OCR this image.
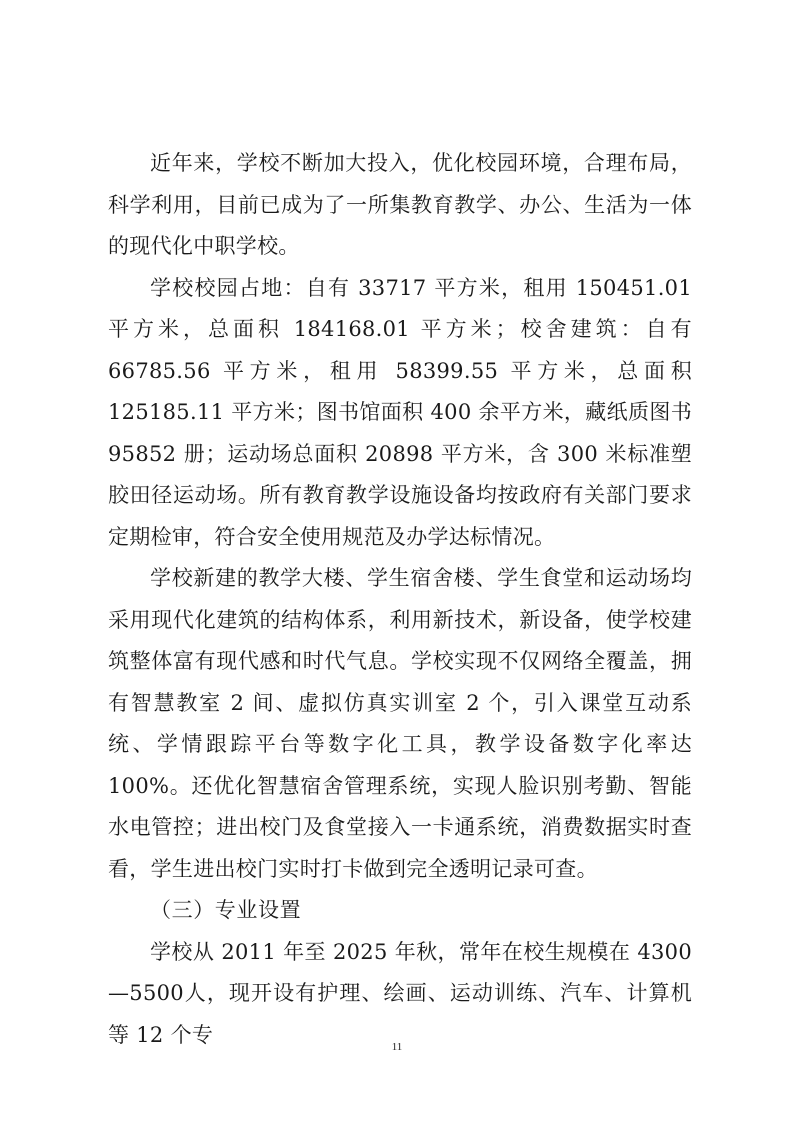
近年来，学校不断加大投入，优化校园环境，合理布局，科学利用，目前已成为了一所集教育教学、办公、生活为一体的现代化中职学校。

学校校园占地：自有 33717 平方米，租用 150451.01 平方米，总面积 184168.01 平方米；校舍建筑：自有 66785.56 平方米，租用 58399.55 平方米，总面积 125185.11 平方米；图书馆面积 400 余平方米，藏纸质图书 95852 册；运动场总面积 20898 平方米，含 300 米标准塑胶田径运动场。所有教育教学设施设备均按政府有关部门要求定期检审，符合安全使用规范及办学达标情况。

学校新建的教学大楼、学生宿舍楼、学生食堂和运动场均采用现代化建筑的结构体系，利用新技术，新设备，使学校建筑整体富有现代感和时代气息。学校实现不仅网络全覆盖，拥有智慧教室 2 间、虚拟仿真实训室 2 个，引入课堂互动系统、学情跟踪平台等数字化工具，教学设备数字化率达 100%。还优化智慧宿舍管理系统，实现人脸识别考勤、智能水电管控；进出校门及食堂接入一卡通系统，消费数据实时查看，学生进出校门实时打卡做到完全透明记录可查。

（三）专业设置

学校从 2011 年至 2025 年秋，常年在校生规模在 4300—5500人，现开设有护理、绘画、运动训练、汽车、计算机等 12 个专

11
